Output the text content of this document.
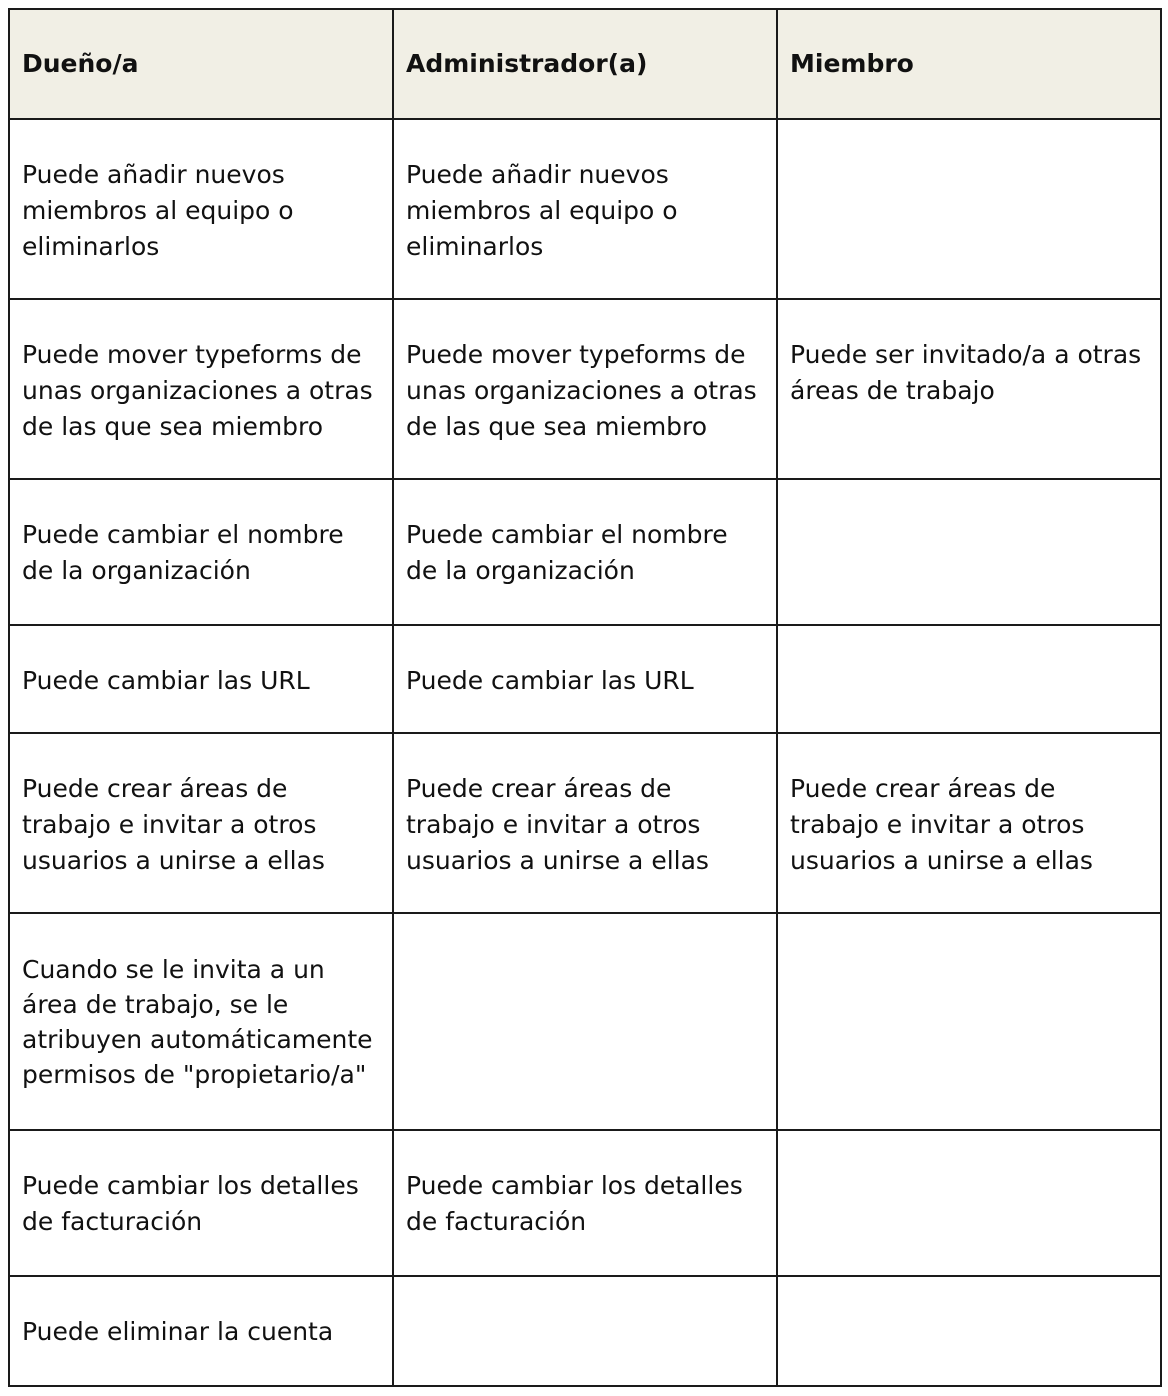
Dueño/a	Administrador(a)	Miembro
Puede añadir nuevos miembros al equipo o eliminarlos	Puede añadir nuevos miembros al equipo o eliminarlos	
Puede mover typeforms de unas organizaciones a otras de las que sea miembro	Puede mover typeforms de unas organizaciones a otras de las que sea miembro	Puede ser invitado/a a otras áreas de trabajo
Puede cambiar el nombre de la organización	Puede cambiar el nombre de la organización	
Puede cambiar las URL	Puede cambiar las URL	
Puede crear áreas de trabajo e invitar a otros usuarios a unirse a ellas	Puede crear áreas de trabajo e invitar a otros usuarios a unirse a ellas	Puede crear áreas de trabajo e invitar a otros usuarios a unirse a ellas
Cuando se le invita a un área de trabajo, se le atribuyen automáticamente permisos de "propietario/a"		
Puede cambiar los detalles de facturación	Puede cambiar los detalles de facturación	
Puede eliminar la cuenta		
